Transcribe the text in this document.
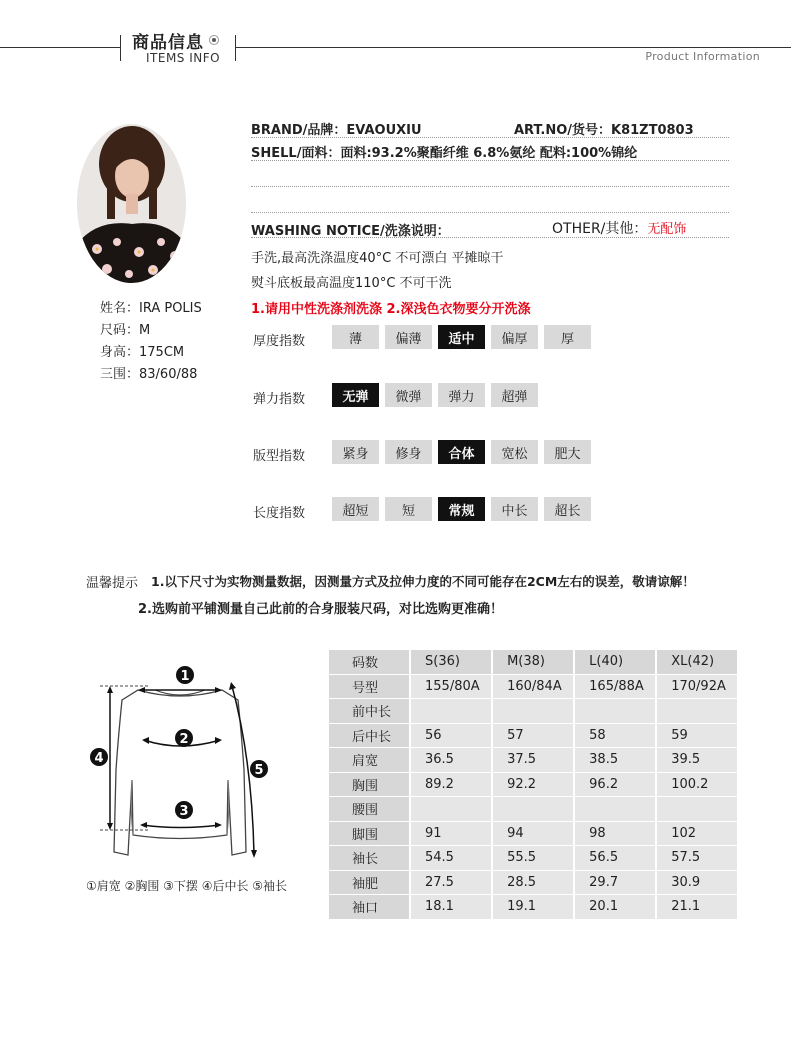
商品信息
ITEMS INFO	Product Information
姓名：IRA POLIS
尺码：M
身高：175CM
三围：83/60/88
BRAND/品牌：EVAOUXIU	ART.NO/货号：K81ZT0803
SHELL/面料：面料:93.2%聚酯纤维 6.8%氨纶 配料:100%锦纶
WASHING NOTICE/洗涤说明：	OTHER/其他：无配饰
手洗,最高洗涤温度40°C 不可漂白 平摊晾干
熨斗底板最高温度110°C 不可干洗
1.请用中性洗涤剂洗涤 2.深浅色衣物要分开洗涤
厚度指数	薄	偏薄	适中	偏厚	厚
弹力指数	无弹	微弹	弹力	超弹
版型指数	紧身	修身	合体	宽松	肥大
长度指数	超短	短	常规	中长	超长
温馨提示 1.以下尺寸为实物测量数据，因测量方式及拉伸力度的不同可能存在2CM左右的误差，敬请谅解！
2.选购前平铺测量自己此前的合身服装尺码，对比选购更准确！
1
2
3
4
5
①肩宽 ②胸围 ③下摆 ④后中长 ⑤袖长
码数	S(36)	M(38)	L(40)	XL(42)
号型	155/80A	160/84A	165/88A	170/92A
前中长				
后中长	56	57	58	59
肩宽	36.5	37.5	38.5	39.5
胸围	89.2	92.2	96.2	100.2
腰围				
脚围	91	94	98	102
袖长	54.5	55.5	56.5	57.5
袖肥	27.5	28.5	29.7	30.9
袖口	18.1	19.1	20.1	21.1
